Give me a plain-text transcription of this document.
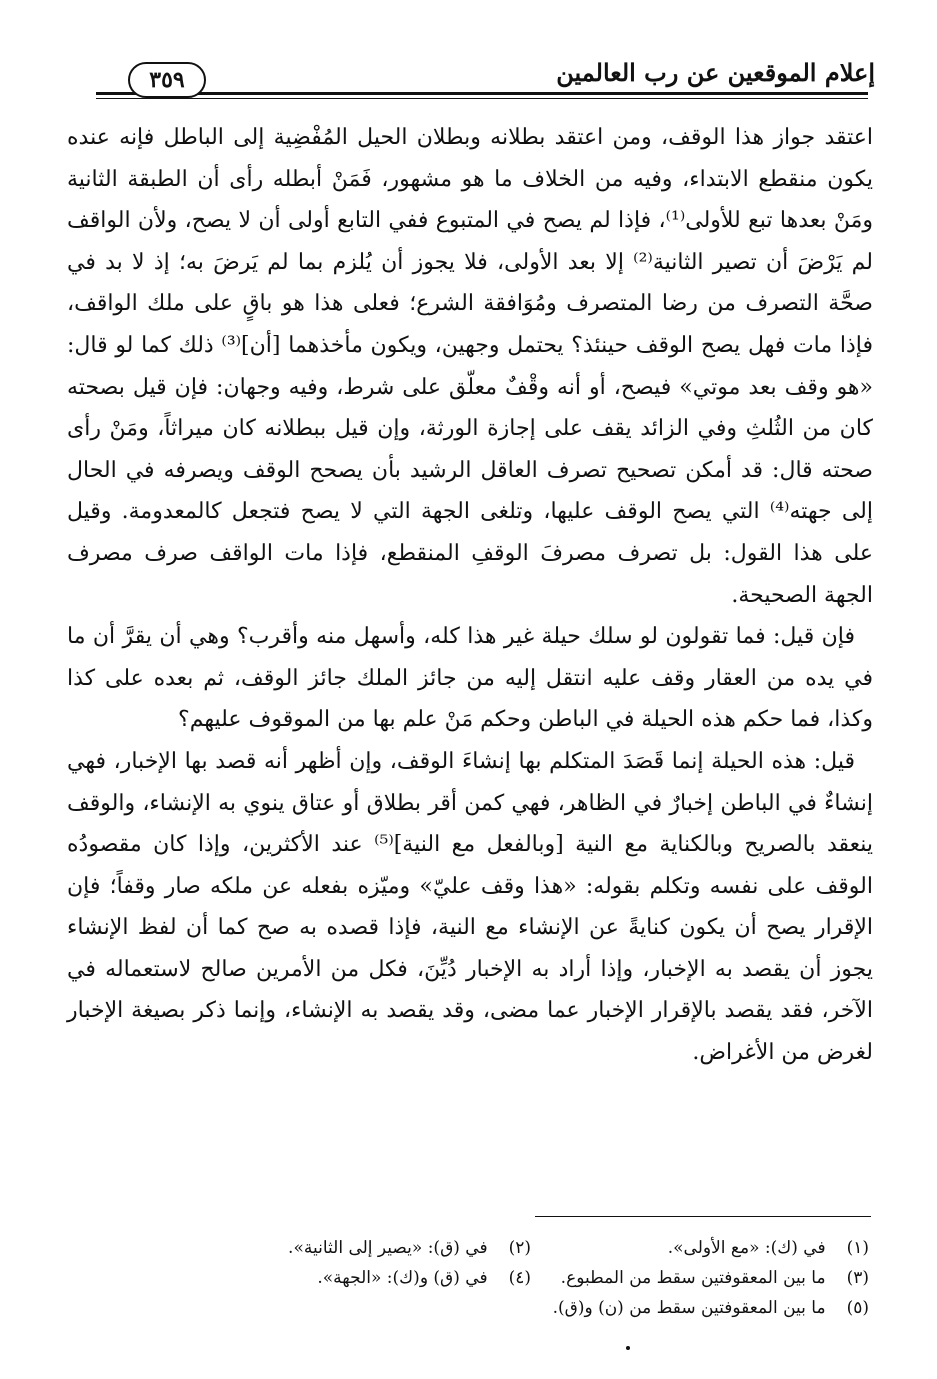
إعلام الموقعين عن رب العالمين
٣٥٩

اعتقد جواز هذا الوقف، ومن اعتقد بطلانه وبطلان الحيل المُفْضِية إلى الباطل فإنه عنده يكون منقطع الابتداء، وفيه من الخلاف ما هو مشهور، فَمَنْ أبطله رأى أن الطبقة الثانية ومَنْ بعدها تبع للأولى⁽¹⁾، فإذا لم يصح في المتبوع ففي التابع أولى أن لا يصح، ولأن الواقف لم يَرْضَ أن تصير الثانية⁽²⁾ إلا بعد الأولى، فلا يجوز أن يُلزم بما لم يَرضَ به؛ إذ لا بد في صحَّة التصرف من رضا المتصرف ومُوَافقة الشرع؛ فعلى هذا هو باقٍ على ملك الواقف، فإذا مات فهل يصح الوقف حينئذ؟ يحتمل وجهين، ويكون مأخذهما [أن]⁽³⁾ ذلك كما لو قال: «هو وقف بعد موتي» فيصح، أو أنه وقْفٌ معلّق على شرط، وفيه وجهان: فإن قيل بصحته كان من الثُلثِ وفي الزائد يقف على إجازة الورثة، وإن قيل ببطلانه كان ميراثاً، ومَنْ رأى صحته قال: قد أمكن تصحيح تصرف العاقل الرشيد بأن يصحح الوقف ويصرفه في الحال إلى جهته⁽⁴⁾ التي يصح الوقف عليها، وتلغى الجهة التي لا يصح فتجعل كالمعدومة. وقيل على هذا القول: بل تصرف مصرفَ الوقفِ المنقطع، فإذا مات الواقف صرف مصرف الجهة الصحيحة.

فإن قيل: فما تقولون لو سلك حيلة غير هذا كله، وأسهل منه وأقرب؟ وهي أن يقرَّ أن ما في يده من العقار وقف عليه انتقل إليه من جائز الملك جائز الوقف، ثم بعده على كذا وكذا، فما حكم هذه الحيلة في الباطن وحكم مَنْ علم بها من الموقوف عليهم؟

قيل: هذه الحيلة إنما قَصَدَ المتكلم بها إنشاءَ الوقف، وإن أظهر أنه قصد بها الإخبار، فهي إنشاءٌ في الباطن إخبارٌ في الظاهر، فهي كمن أقر بطلاق أو عتاق ينوي به الإنشاء، والوقف ينعقد بالصريح وبالكناية مع النية [وبالفعل مع النية]⁽⁵⁾ عند الأكثرين، وإذا كان مقصودُه الوقف على نفسه وتكلم بقوله: «هذا وقف عليّ» وميّزه بفعله عن ملكه صار وقفاً؛ فإن الإقرار يصح أن يكون كنايةً عن الإنشاء مع النية، فإذا قصده به صح كما أن لفظ الإنشاء يجوز أن يقصد به الإخبار، وإذا أراد به الإخبار دُيِّنَ، فكل من الأمرين صالح لاستعماله في الآخر، فقد يقصد بالإقرار الإخبار عما مضى، وقد يقصد به الإنشاء، وإنما ذكر بصيغة الإخبار لغرض من الأغراض.

(١) في (ك): «مع الأولى».
(٢) في (ق): «يصير إلى الثانية».
(٣) ما بين المعقوفتين سقط من المطبوع.
(٤) في (ق) و(ك): «الجهة».
(٥) ما بين المعقوفتين سقط من (ن) و(ق).
